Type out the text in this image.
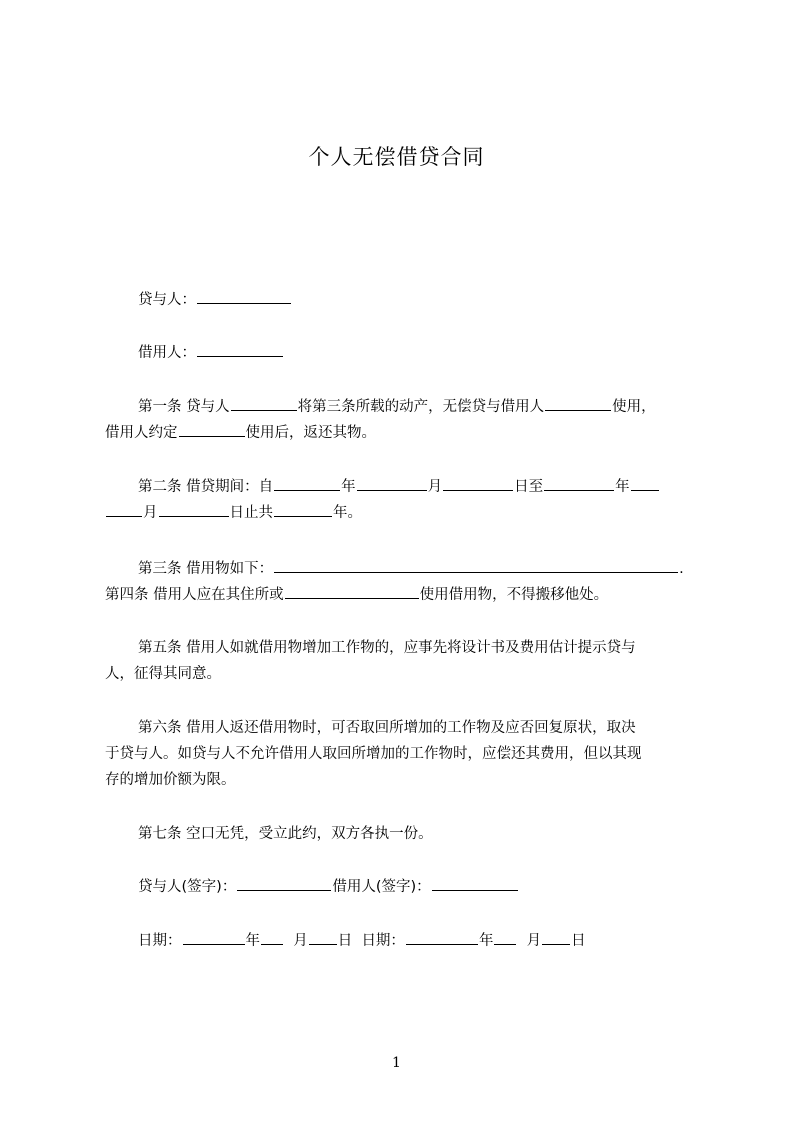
个人无偿借贷合同
贷与人：
借用人：
第一条 贷与人	将第三条所载的动产，无偿贷与借用人	使用，
借用人约定	使用后，返还其物。
第二条 借贷期间：自	年	月	日至	年
月	日止共	年。
第三条 借用物如下：	.
第四条 借用人应在其住所或	使用借用物，不得搬移他处。
第五条 借用人如就借用物增加工作物的，应事先将设计书及费用估计提示贷与
人，征得其同意。
第六条 借用人返还借用物时，可否取回所增加的工作物及应否回复原状，取决
于贷与人。如贷与人不允许借用人取回所增加的工作物时，应偿还其费用，但以其现
存的增加价额为限。
第七条 空口无凭，受立此约，双方各执一份。
贷与人(签字)：	借用人(签字)：
日期：	年 月 日 日期：	年 月 日
1
